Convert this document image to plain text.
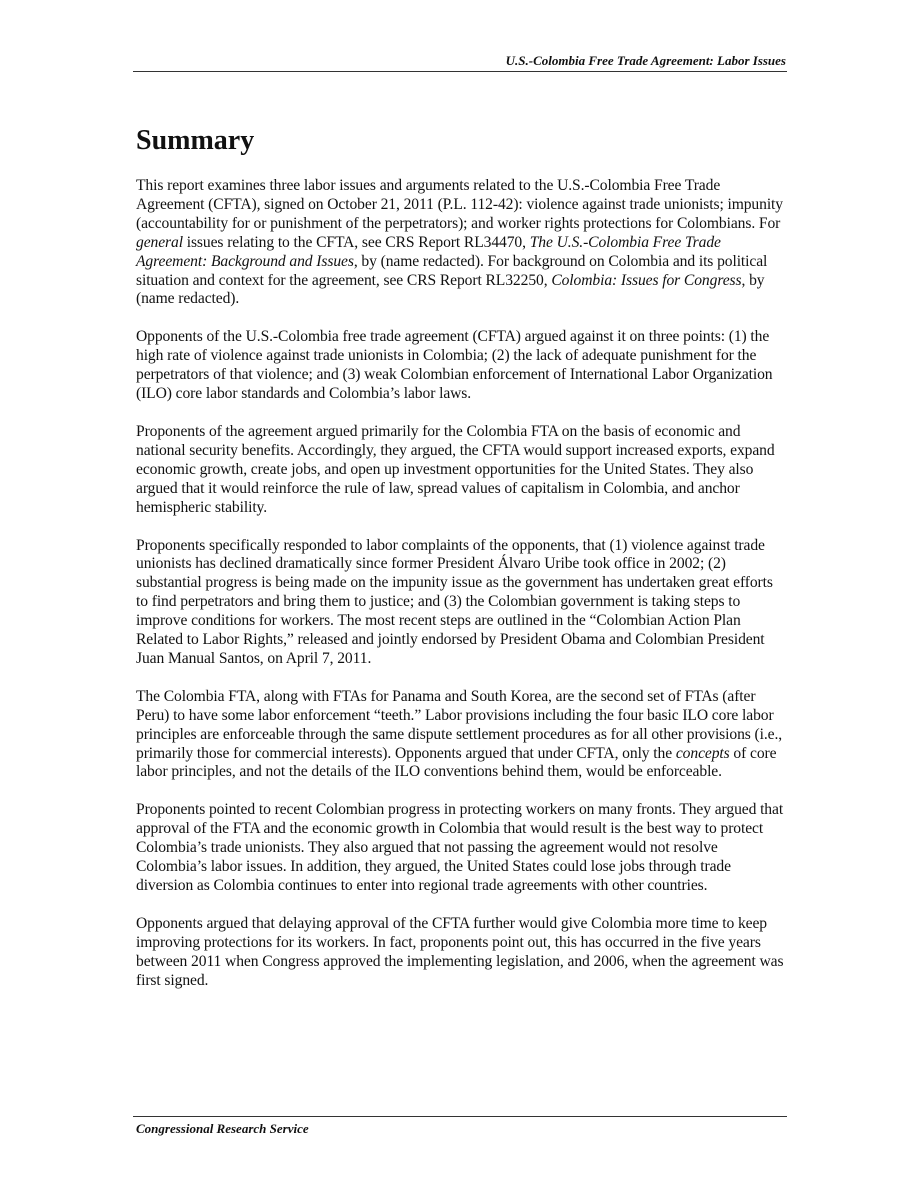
U.S.-Colombia Free Trade Agreement: Labor Issues
Summary

This report examines three labor issues and arguments related to the U.S.-Colombia Free Trade Agreement (CFTA), signed on October 21, 2011 (P.L. 112-42): violence against trade unionists; impunity (accountability for or punishment of the perpetrators); and worker rights protections for Colombians. For general issues relating to the CFTA, see CRS Report RL34470, The U.S.-Colombia Free Trade Agreement: Background and Issues, by (name redacted). For background on Colombia and its political situation and context for the agreement, see CRS Report RL32250, Colombia: Issues for Congress, by (name redacted).

Opponents of the U.S.-Colombia free trade agreement (CFTA) argued against it on three points: (1) the high rate of violence against trade unionists in Colombia; (2) the lack of adequate punishment for the perpetrators of that violence; and (3) weak Colombian enforcement of International Labor Organization (ILO) core labor standards and Colombia’s labor laws.

Proponents of the agreement argued primarily for the Colombia FTA on the basis of economic and national security benefits. Accordingly, they argued, the CFTA would support increased exports, expand economic growth, create jobs, and open up investment opportunities for the United States. They also argued that it would reinforce the rule of law, spread values of capitalism in Colombia, and anchor hemispheric stability.

Proponents specifically responded to labor complaints of the opponents, that (1) violence against trade unionists has declined dramatically since former President Álvaro Uribe took office in 2002; (2) substantial progress is being made on the impunity issue as the government has undertaken great efforts to find perpetrators and bring them to justice; and (3) the Colombian government is taking steps to improve conditions for workers. The most recent steps are outlined in the “Colombian Action Plan Related to Labor Rights,” released and jointly endorsed by President Obama and Colombian President Juan Manual Santos, on April 7, 2011.

The Colombia FTA, along with FTAs for Panama and South Korea, are the second set of FTAs (after Peru) to have some labor enforcement “teeth.” Labor provisions including the four basic ILO core labor principles are enforceable through the same dispute settlement procedures as for all other provisions (i.e., primarily those for commercial interests). Opponents argued that under CFTA, only the concepts of core labor principles, and not the details of the ILO conventions behind them, would be enforceable.

Proponents pointed to recent Colombian progress in protecting workers on many fronts. They argued that approval of the FTA and the economic growth in Colombia that would result is the best way to protect Colombia’s trade unionists. They also argued that not passing the agreement would not resolve Colombia’s labor issues. In addition, they argued, the United States could lose jobs through trade diversion as Colombia continues to enter into regional trade agreements with other countries.

Opponents argued that delaying approval of the CFTA further would give Colombia more time to keep improving protections for its workers. In fact, proponents point out, this has occurred in the five years between 2011 when Congress approved the implementing legislation, and 2006, when the agreement was first signed.

Congressional Research Service
